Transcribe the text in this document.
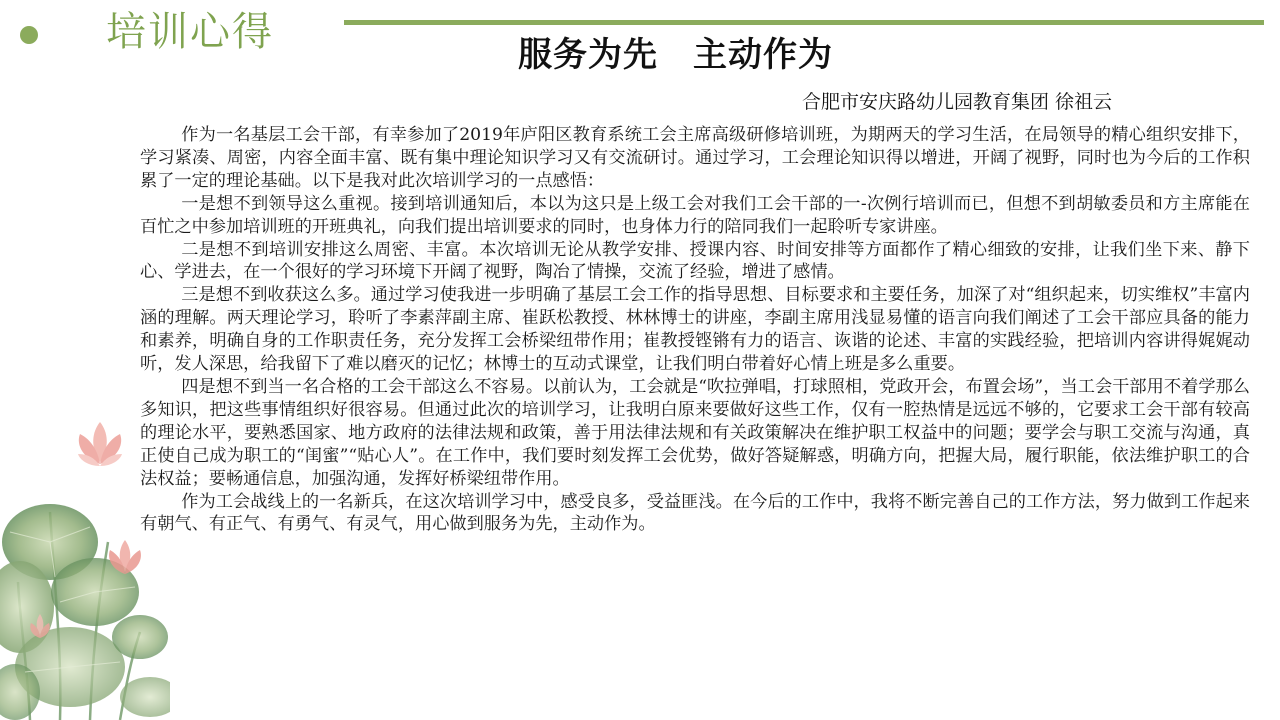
培训心得	服务为先　主动作为
合肥市安庆路幼儿园教育集团 徐祖云

作为一名基层工会干部，有幸参加了2019年庐阳区教育系统工会主席高级研修培训班，为期两天的学习生活，在局领导的精心组织安排下，学习紧凑、周密，内容全面丰富、既有集中理论知识学习又有交流研讨。通过学习，工会理论知识得以增进，开阔了视野，同时也为今后的工作积累了一定的理论基础。以下是我对此次培训学习的一点感悟：

一是想不到领导这么重视。接到培训通知后，本以为这只是上级工会对我们工会干部的一-次例行培训而已，但想不到胡敏委员和方主席能在百忙之中参加培训班的开班典礼，向我们提出培训要求的同时，也身体力行的陪同我们一起聆听专家讲座。

二是想不到培训安排这么周密、丰富。本次培训无论从教学安排、授课内容、时间安排等方面都作了精心细致的安排，让我们坐下来、静下心、学进去，在一个很好的学习环境下开阔了视野，陶冶了情操，交流了经验，增进了感情。

三是想不到收获这么多。通过学习使我进一步明确了基层工会工作的指导思想、目标要求和主要任务，加深了对“组织起来，切实维权”丰富内涵的理解。两天理论学习，聆听了李素萍副主席、崔跃松教授、林林博士的讲座，李副主席用浅显易懂的语言向我们阐述了工会干部应具备的能力和素养，明确自身的工作职责任务，充分发挥工会桥梁纽带作用；崔教授铿锵有力的语言、诙谐的论述、丰富的实践经验，把培训内容讲得娓娓动听，发人深思，给我留下了难以磨灭的记忆；林博士的互动式课堂，让我们明白带着好心情上班是多么重要。

四是想不到当一名合格的工会干部这么不容易。以前认为，工会就是“吹拉弹唱，打球照相，党政开会，布置会场”，当工会干部用不着学那么多知识，把这些事情组织好很容易。但通过此次的培训学习，让我明白原来要做好这些工作，仅有一腔热情是远远不够的，它要求工会干部有较高的理论水平，要熟悉国家、地方政府的法律法规和政策，善于用法律法规和有关政策解决在维护职工权益中的问题；要学会与职工交流与沟通，真正使自己成为职工的“闺蜜”“贴心人”。在工作中，我们要时刻发挥工会优势，做好答疑解惑，明确方向，把握大局，履行职能，依法维护职工的合法权益；要畅通信息，加强沟通，发挥好桥梁纽带作用。

作为工会战线上的一名新兵，在这次培训学习中，感受良多，受益匪浅。在今后的工作中，我将不断完善自己的工作方法，努力做到工作起来有朝气、有正气、有勇气、有灵气，用心做到服务为先，主动作为。
